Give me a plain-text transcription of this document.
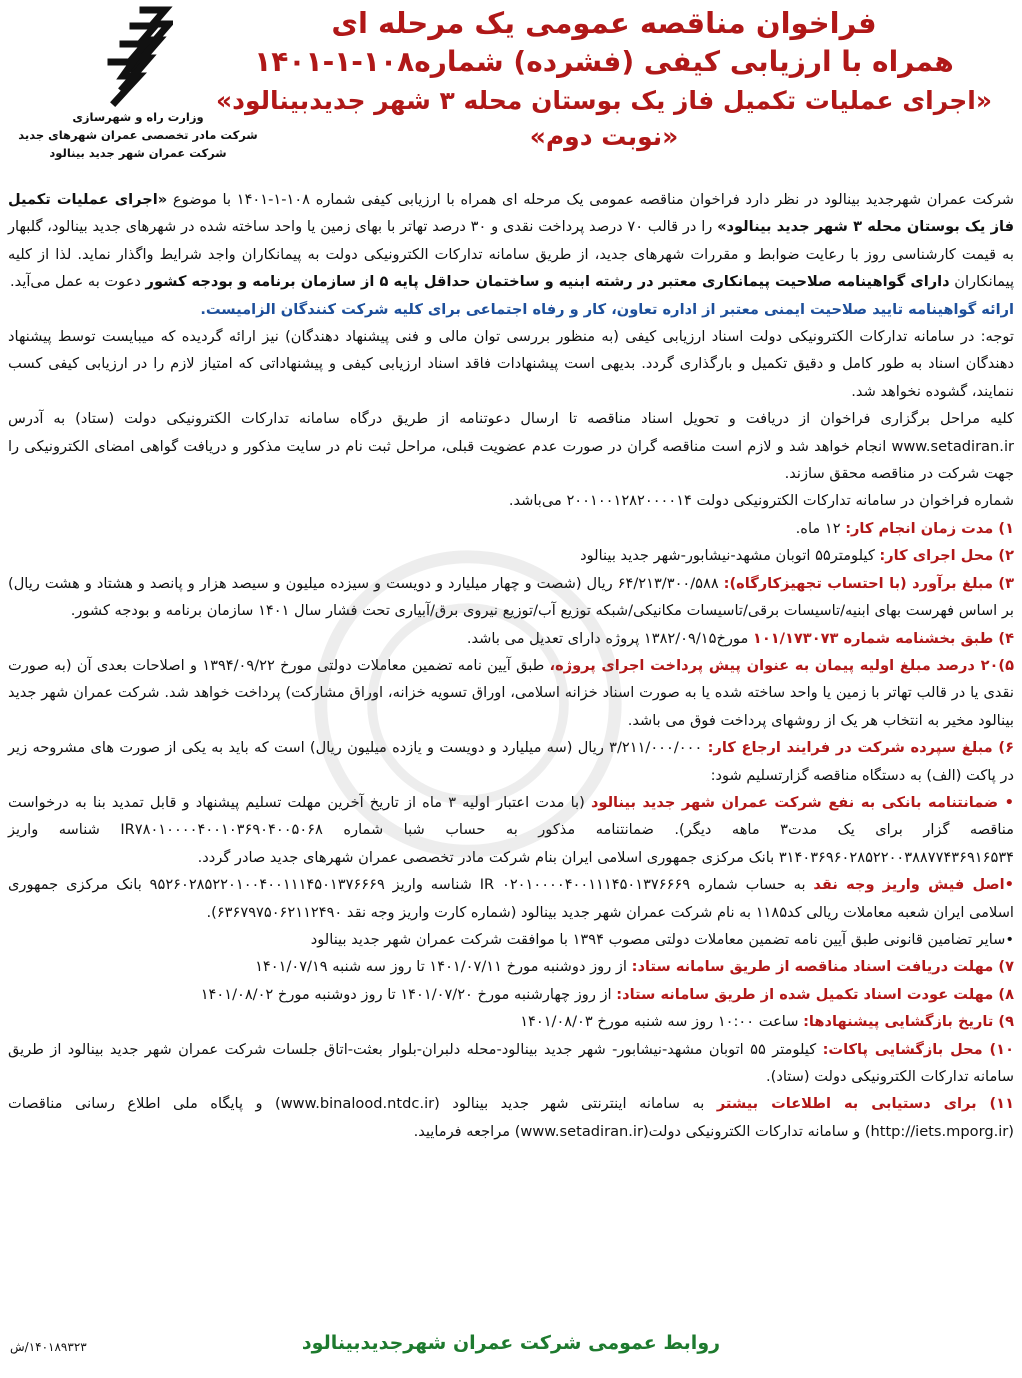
فراخوان مناقصه عمومی یک مرحله ای
همراه با ارزیابی کیفی (فشرده) شماره۱۰۸-۱-۱۴۰۱
«اجرای عملیات تکمیل فاز یک بوستان محله ۳ شهر جدیدبینالود»
«نوبت دوم»
وزارت راه و شهرسازی
شرکت مادر تخصصی عمران شهرهای جدید
شرکت عمران شهر جدید بینالود

شرکت عمران شهرجدید بینالود در نظر دارد فراخوان مناقصه عمومی یک مرحله ای همراه با ارزیابی کیفی شماره ۱۰۸-۱-۱۴۰۱ با موضوع «اجرای عملیات تکمیل فاز یک بوستان محله ۳ شهر جدید بینالود» را در قالب ۷۰ درصد پرداخت نقدی و ۳۰ درصد تهاتر با بهای زمین یا واحد ساخته شده در شهرهای جدید بینالود، گلبهار به قیمت کارشناسی روز با رعایت ضوابط و مقررات شهرهای جدید، از طریق سامانه تدارکات الکترونیکی دولت به پیمانکاران واجد شرایط واگذار نماید. لذا از کلیه پیمانکاران دارای گواهینامه صلاحیت پیمانکاری معتبر در رشته ابنیه و ساختمان حداقل پایه ۵ از سازمان برنامه و بودجه کشور دعوت به عمل می‌آید.

ارائه گواهینامه تایید صلاحیت ایمنی معتبر از اداره تعاون، کار و رفاه اجتماعی برای کلیه شرکت کنندگان الزامیست.

توجه: در سامانه تدارکات الکترونیکی دولت اسناد ارزیابی کیفی (به منظور بررسی توان مالی و فنی پیشنهاد دهندگان) نیز ارائه گردیده که میبایست توسط پیشنهاد دهندگان اسناد به طور کامل و دقیق تکمیل و بارگذاری گردد. بدیهی است پیشنهادات فاقد اسناد ارزیابی کیفی و پیشنهاداتی که امتیاز لازم را در ارزیابی کیفی کسب ننمایند، گشوده نخواهد شد.

کلیه مراحل برگزاری فراخوان از دریافت و تحویل اسناد مناقصه تا ارسال دعوتنامه از طریق درگاه سامانه تدارکات الکترونیکی دولت (ستاد) به آدرس www.setadiran.ir انجام خواهد شد و لازم است مناقصه گران در صورت عدم عضویت قبلی، مراحل ثبت نام در سایت مذکور و دریافت گواهی امضای الکترونیکی را جهت شرکت در مناقصه محقق سازند.

شماره فراخوان در سامانه تدارکات الکترونیکی دولت ۲۰۰۱۰۰۱۲۸۲۰۰۰۰۱۴ می‌باشد.

۱) مدت زمان انجام کار: ۱۲ ماه.

۲) محل اجرای کار: کیلومتر۵۵ اتوبان مشهد-نیشابور-شهر جدید بینالود

۳) مبلغ برآورد (با احتساب تجهیزکارگاه): ۶۴/۲۱۳/۳۰۰/۵۸۸ ریال (شصت و چهار میلیارد و دویست و سیزده میلیون و سیصد هزار و پانصد و هشتاد و هشت ریال) بر اساس فهرست بهای ابنیه/تاسیسات برقی/تاسیسات مکانیکی/شبکه توزیع آب/توزیع نیروی برق/آبیاری تحت فشار سال ۱۴۰۱ سازمان برنامه و بودجه کشور.

۴) طبق بخشنامه شماره ۱۰۱/۱۷۳۰۷۳ مورخ۱۳۸۲/۰۹/۱۵ پروژه دارای تعدیل می باشد.

۵)۲۰ درصد مبلغ اولیه پیمان به عنوان پیش پرداخت اجرای پروژه، طبق آیین نامه تضمین معاملات دولتی مورخ ۱۳۹۴/۰۹/۲۲ و اصلاحات بعدی آن (به صورت نقدی یا در قالب تهاتر با زمین یا واحد ساخته شده یا به صورت اسناد خزانه اسلامی، اوراق تسویه خزانه، اوراق مشارکت) پرداخت خواهد شد. شرکت عمران شهر جدید بینالود مخیر به انتخاب هر یک از روشهای پرداخت فوق می باشد.

۶) مبلغ سپرده شرکت در فرایند ارجاع کار: ۳/۲۱۱/۰۰۰/۰۰۰ ریال (سه میلیارد و دویست و یازده میلیون ریال) است که باید به یکی از صورت های مشروحه زیر در پاکت (الف) به دستگاه مناقصه گزارتسلیم شود:

• ضمانتنامه بانکی به نفع شرکت عمران شهر جدید بینالود (با مدت اعتبار اولیه ۳ ماه از تاریخ آخرین مهلت تسلیم پیشنهاد و قابل تمدید بنا به درخواست مناقصه گزار برای یک مدت۳ ماهه دیگر). ضمانتنامه مذکور به حساب شبا شماره IR۷۸۰۱۰۰۰۰۴۰۰۱۰۳۶۹۰۴۰۰۵۰۶۸ شناسه واریز ۳۱۴۰۳۶۹۶۰۲۸۵۲۲۰۰۳۸۸۷۷۴۳۶۹۱۶۵۳۴ بانک مرکزی جمهوری اسلامی ایران بنام شرکت مادر تخصصی عمران شهرهای جدید صادر گردد.

•اصل فیش واریز وجه نقد به حساب شماره ۰۲۰۱۰۰۰۰۴۰۰۱۱۱۴۵۰۱۳۷۶۶۶۹ IR شناسه واریز ۹۵۲۶۰۲۸۵۲۲۰۱۰۰۴۰۰۱۱۱۴۵۰۱۳۷۶۶۶۹ بانک مرکزی جمهوری اسلامی ایران شعبه معاملات ریالی کد۱۱۸۵ به نام شرکت عمران شهر جدید بینالود (شماره کارت واریز وجه نقد ۶۳۶۷۹۷۵۰۶۲۱۱۲۴۹۰).

•سایر تضامین قانونی طبق آیین نامه تضمین معاملات دولتی مصوب ۱۳۹۴ با موافقت شرکت عمران شهر جدید بینالود

۷) مهلت دریافت اسناد مناقصه از طریق سامانه ستاد: از روز دوشنبه مورخ ۱۴۰۱/۰۷/۱۱ تا روز سه شنبه ۱۴۰۱/۰۷/۱۹

۸) مهلت عودت اسناد تکمیل شده از طریق سامانه ستاد: از روز چهارشنبه مورخ ۱۴۰۱/۰۷/۲۰ تا روز دوشنبه مورخ ۱۴۰۱/۰۸/۰۲

۹) تاریخ بازگشایی پیشنهادها: ساعت ۱۰:۰۰ روز سه شنبه مورخ ۱۴۰۱/۰۸/۰۳

۱۰) محل بازگشایی پاکات: کیلومتر ۵۵ اتوبان مشهد-نیشابور- شهر جدید بینالود-محله دلبران-بلوار بعثت-اتاق جلسات شرکت عمران شهر جدید بینالود از طریق سامانه تدارکات الکترونیکی دولت (ستاد).

۱۱) برای دستیابی به اطلاعات بیشتر به سامانه اینترنتی شهر جدید بینالود (www.binalood.ntdc.ir) و پایگاه ملی اطلاع رسانی مناقصات (http://iets.mporg.ir) و سامانه تدارکات الکترونیکی دولت(www.setadiran.ir) مراجعه فرمایید.

روابط عمومی شرکت عمران شهرجدیدبینالود
۱۴۰۱۸۹۳۲۳/ش
